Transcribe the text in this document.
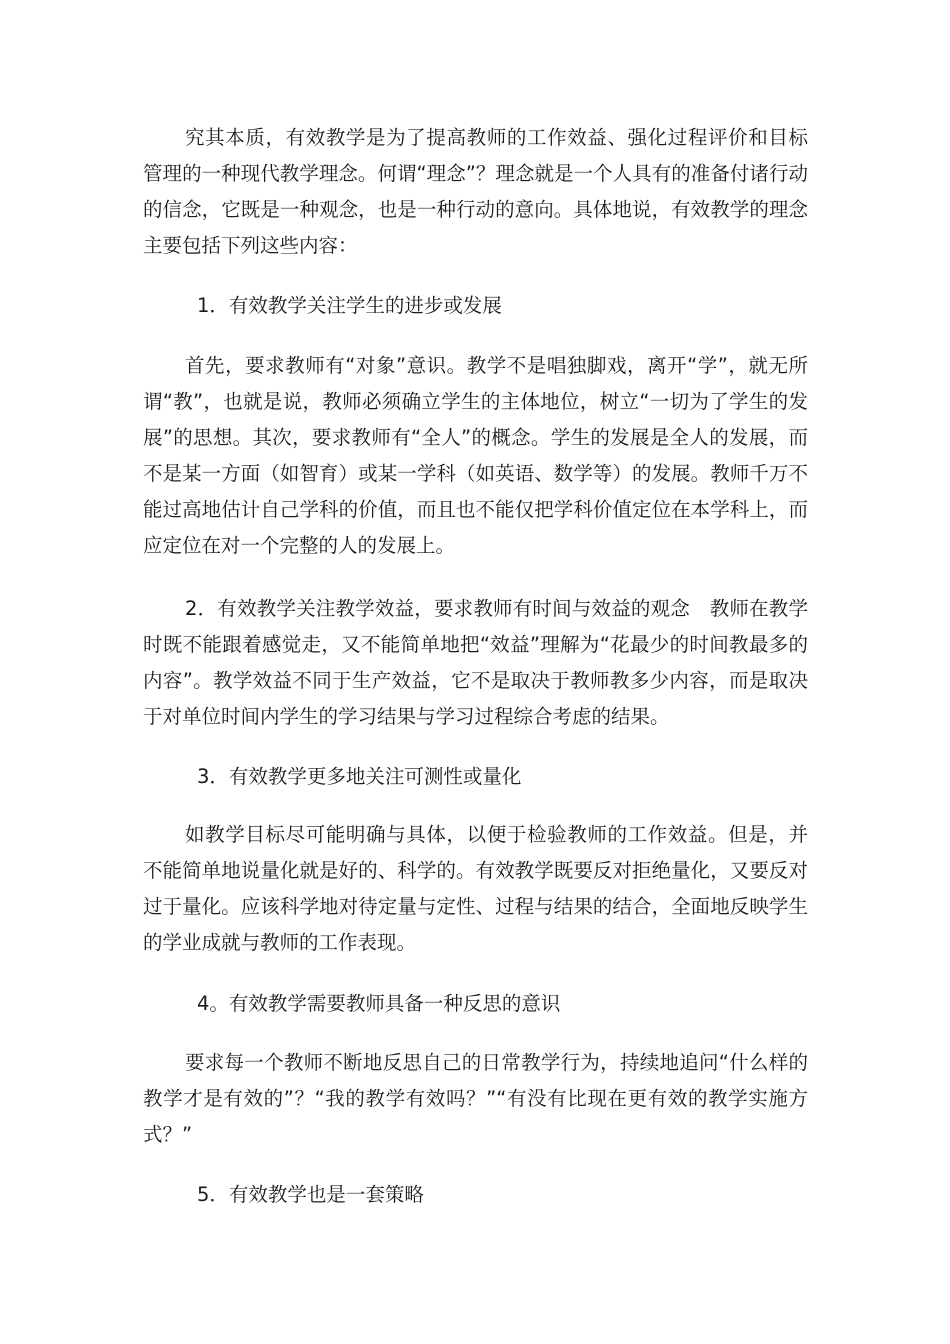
究其本质，有效教学是为了提高教师的工作效益、强化过程评价和目标管理的一种现代教学理念。何谓“理念”？理念就是一个人具有的准备付诸行动的信念，它既是一种观念，也是一种行动的意向。具体地说，有效教学的理念主要包括下列这些内容：

1．有效教学关注学生的进步或发展

首先，要求教师有“对象”意识。教学不是唱独脚戏，离开“学”，就无所谓“教”，也就是说，教师必须确立学生的主体地位，树立“一切为了学生的发展”的思想。其次，要求教师有“全人”的概念。学生的发展是全人的发展，而不是某一方面（如智育）或某一学科（如英语、数学等）的发展。教师千万不能过高地估计自己学科的价值，而且也不能仅把学科价值定位在本学科上，而应定位在对一个完整的人的发展上。

2．有效教学关注教学效益，要求教师有时间与效益的观念　教师在教学时既不能跟着感觉走，又不能简单地把“效益”理解为“花最少的时间教最多的内容”。教学效益不同于生产效益，它不是取决于教师教多少内容，而是取决于对单位时间内学生的学习结果与学习过程综合考虑的结果。

3．有效教学更多地关注可测性或量化

如教学目标尽可能明确与具体，以便于检验教师的工作效益。但是，并不能简单地说量化就是好的、科学的。有效教学既要反对拒绝量化，又要反对过于量化。应该科学地对待定量与定性、过程与结果的结合，全面地反映学生的学业成就与教师的工作表现。

4。有效教学需要教师具备一种反思的意识

要求每一个教师不断地反思自己的日常教学行为，持续地追问“什么样的教学才是有效的”？“我的教学有效吗？”“有没有比现在更有效的教学实施方式？”

5．有效教学也是一套策略
